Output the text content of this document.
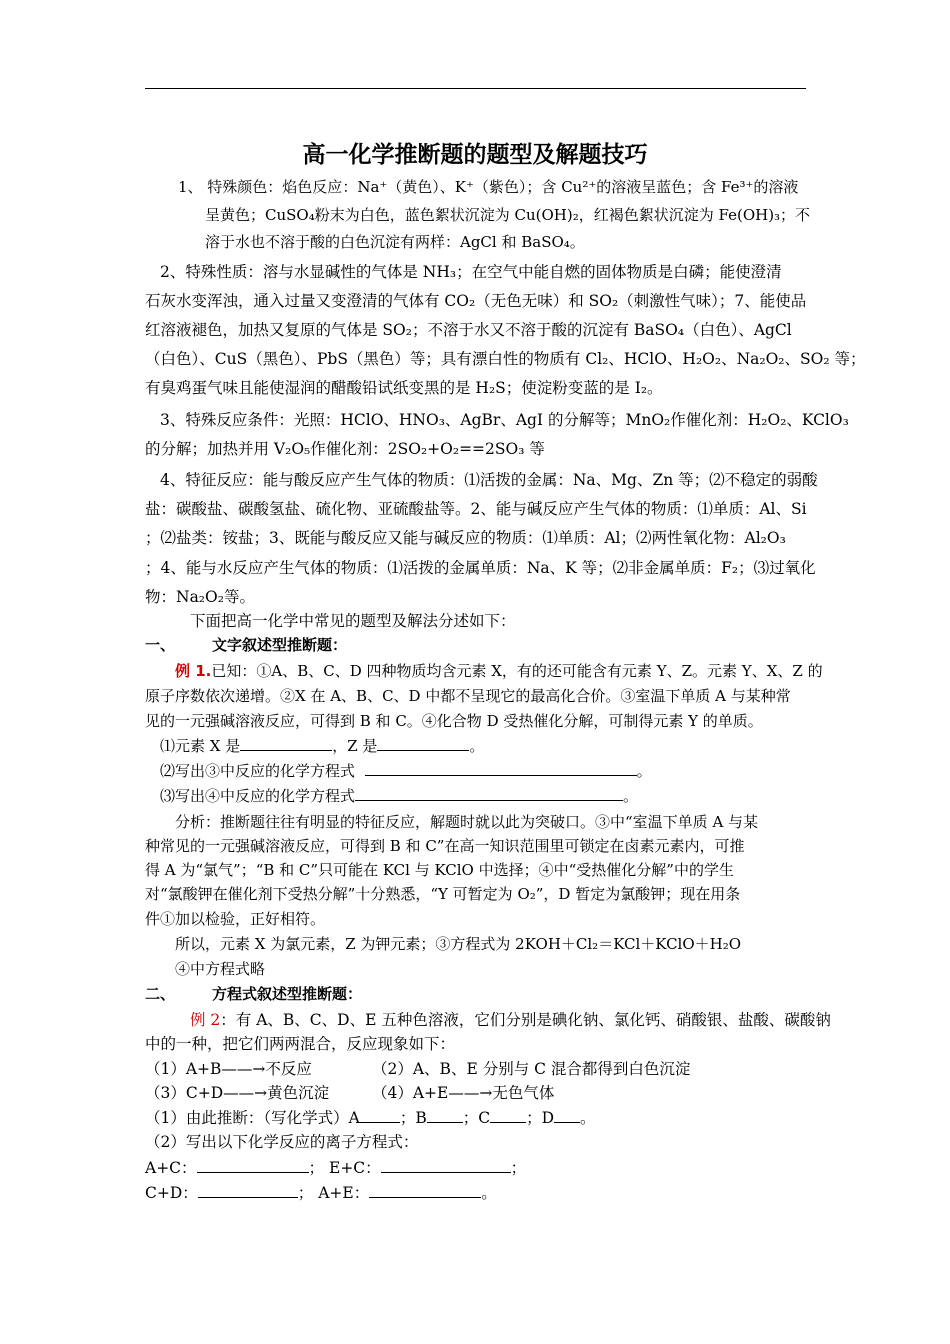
高一化学推断题的题型及解题技巧
1、 特殊颜色：焰色反应：Na⁺（黄色）、K⁺（紫色）；含 Cu²⁺的溶液呈蓝色；含 Fe³⁺的溶液
呈黄色；CuSO₄粉末为白色，蓝色絮状沉淀为 Cu(OH)₂，红褐色絮状沉淀为 Fe(OH)₃；不
溶于水也不溶于酸的白色沉淀有两样：AgCl 和 BaSO₄。
2、特殊性质：溶与水显碱性的气体是 NH₃；在空气中能自燃的固体物质是白磷；能使澄清
石灰水变浑浊，通入过量又变澄清的气体有 CO₂（无色无味）和 SO₂（刺激性气味）；7、能使品
红溶液褪色，加热又复原的气体是 SO₂；不溶于水又不溶于酸的沉淀有 BaSO₄（白色）、AgCl
（白色）、CuS（黑色）、PbS（黑色）等；具有漂白性的物质有 Cl₂、HClO、H₂O₂、Na₂O₂、SO₂ 等；
有臭鸡蛋气味且能使湿润的醋酸铅试纸变黑的是 H₂S；使淀粉变蓝的是 I₂。
3、特殊反应条件：光照：HClO、HNO₃、AgBr、AgI 的分解等；MnO₂作催化剂：H₂O₂、KClO₃
的分解；加热并用 V₂O₅作催化剂：2SO₂+O₂==2SO₃ 等
4、特征反应：能与酸反应产生气体的物质：⑴活拨的金属：Na、Mg、Zn 等；⑵不稳定的弱酸
盐：碳酸盐、碳酸氢盐、硫化物、亚硫酸盐等。2、能与碱反应产生气体的物质：⑴单质：Al、Si
；⑵盐类：铵盐；3、既能与酸反应又能与碱反应的物质：⑴单质：Al；⑵两性氧化物：Al₂O₃
；4、能与水反应产生气体的物质：⑴活拨的金属单质：Na、K 等；⑵非金属单质：F₂；⑶过氧化
物：Na₂O₂等。
下面把高一化学中常见的题型及解法分述如下：
一、 文字叙述型推断题：
例 1.已知：①A、B、C、D 四种物质均含元素 X，有的还可能含有元素 Y、Z。元素 Y、X、Z 的
原子序数依次递增。②X 在 A、B、C、D 中都不呈现它的最高化合价。③室温下单质 A 与某种常
见的一元强碱溶液反应，可得到 B 和 C。④化合物 D 受热催化分解，可制得元素 Y 的单质。
⑴元素 X 是	，Z 是	。
⑵写出③中反应的化学方程式	。
⑶写出④中反应的化学方程式	。
分析：推断题往往有明显的特征反应，解题时就以此为突破口。③中“室温下单质 A 与某
种常见的一元强碱溶液反应，可得到 B 和 C”在高一知识范围里可锁定在卤素元素内，可推
得 A 为“氯气”；“B 和 C”只可能在 KCl 与 KClO 中选择；④中“受热催化分解”中的学生
对“氯酸钾在催化剂下受热分解”十分熟悉，“Y 可暂定为 O₂”，D 暂定为氯酸钾；现在用条
件①加以检验，正好相符。
所以，元素 X 为氯元素，Z 为钾元素；③方程式为 2KOH＋Cl₂＝KCl＋KClO＋H₂O
④中方程式略
二、 方程式叙述型推断题：
例 2：有 A、B、C、D、E 五种色溶液，它们分别是碘化钠、氯化钙、硝酸银、盐酸、碳酸钠
中的一种，把它们两两混合，反应现象如下：
（1）A+B——→不反应	（2）A、B、E 分别与 C 混合都得到白色沉淀
（3）C+D——→黄色沉淀	（4）A+E——→无色气体
（1）由此推断：（写化学式）A	；B ；C ；D 。
（2）写出以下化学反应的离子方程式：
A+C：	； E+C：	；
C+D：	； A+E：	。
